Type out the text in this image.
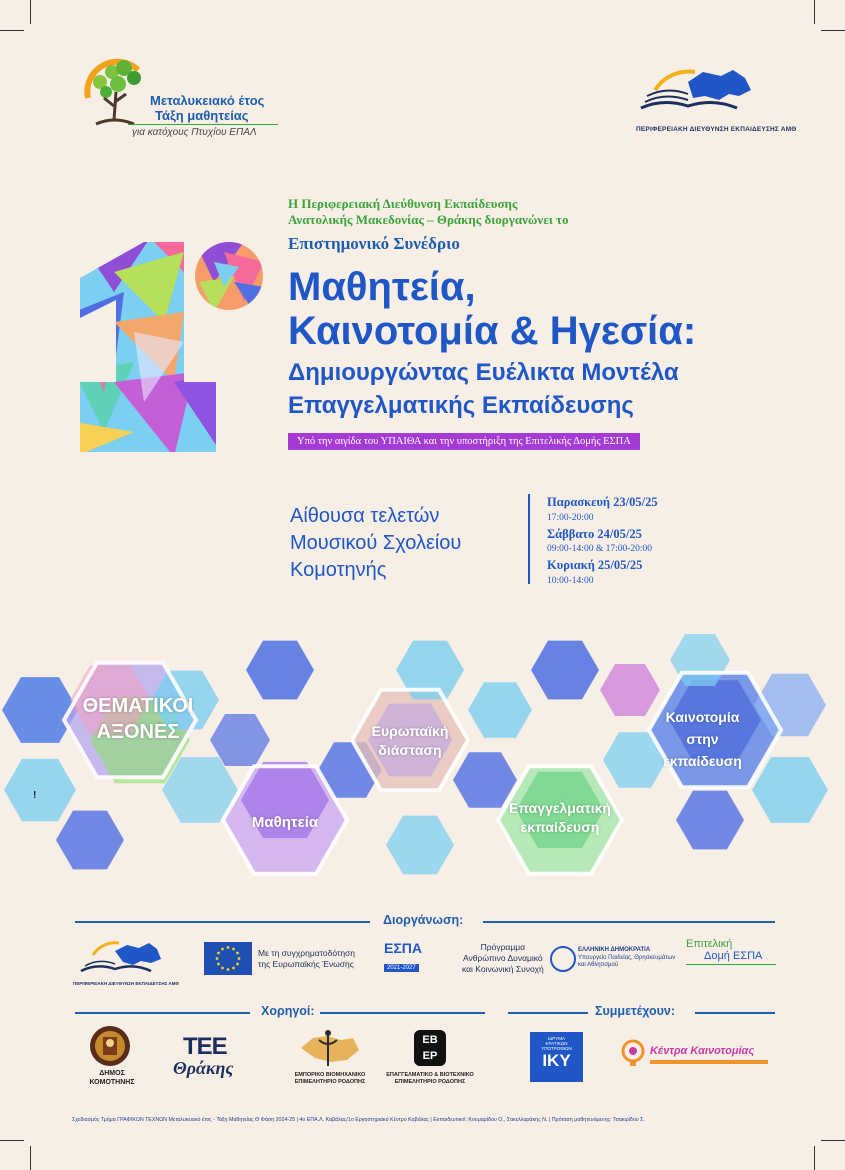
Μεταλυκειακό έτος
Τάξη μαθητείας
για κατόχους Πτυχίου ΕΠΑΛ	ΠΕΡΙΦΕΡΕΙΑΚΗ ΔΙΕΥΘΥΝΣΗ ΕΚΠΑΙΔΕΥΣΗΣ ΑΜΘ
Η Περιφερειακή Διεύθυνση Εκπαίδευσης
Ανατολικής Μακεδονίας – Θράκης διοργανώνει το
Επιστημονικό Συνέδριο
Μαθητεία,
Καινοτομία & Ηγεσία:
Δημιουργώντας Ευέλικτα Μοντέλα
Επαγγελματικής Εκπαίδευσης
Υπό την αιγίδα του ΥΠΑΙΘΑ και την υποστήριξη της Επιτελικής Δομής ΕΣΠΑ
Αίθουσα τελετών
Μουσικού Σχολείου
Κομοτηνής
Παρασκευή 23/05/25
17:00-20:00
Σάββατο 24/05/25
09:00-14:00 & 17:00-20:00
Κυριακή 25/05/25
10:00-14:00
ΘΕΜΑΤΙΚΟΙ
ΑΞΟΝΕΣ
!
Μαθητεία
Ευρωπαϊκή
διάσταση
Επαγγελματική
εκπαίδευση
Καινοτομία
στην
εκπαίδευση
Διοργάνωση:
ΠΕΡΙΦΕΡΕΙΑΚΗ ΔΙΕΥΘΥΝΣΗ ΕΚΠΑΙΔΕΥΣΗΣ ΑΜΘ
Με τη συγχρηματοδότηση
της Ευρωπαϊκής Ένωσης
ΕΣΠΑ
2021-2027
Πρόγραμμα
Ανθρώπινο Δυναμικό
και Κοινωνική Συνοχή
ΕΛΛΗΝΙΚΗ ΔΗΜΟΚΡΑΤΙΑ
Υπουργείο Παιδείας, Θρησκευμάτων
και Αθλητισμού
Επιτελική
Δομή ΕΣΠΑ
Χορηγοί:	Συμμετέχουν:
ΔΗΜΟΣ
ΚΟΜΟΤΗΝΗΣ
ΤΕΕ
Θράκης	ΕΜΠΟΡΙΚΟ ΒΙΟΜΗΧΑΝΙΚΟ
ΕΠΙΜΕΛΗΤΗΡΙΟ ΡΟΔΟΠΗΣ
ΕΒ ΕΡ
ΕΠΑΓΓΕΛΜΑΤΙΚΟ & ΒΙΟΤΕΧΝΙΚΟ
ΕΠΙΜΕΛΗΤΗΡΙΟ ΡΟΔΟΠΗΣ
ΙΔΡΥΜΑ
ΚΡΑΤΙΚΩΝ
ΥΠΟΤΡΟΦΙΩΝ
ΙΚΥ	Κέντρα Καινοτομίας
Σχεδιασμός Τμήμα ΓΡΑΦΙΚΩΝ ΤΕΧΝΩΝ Μεταλυκειακό έτος - Τάξη Μαθητείας Θ Φάση 2024-25 | 4ο ΕΠΑ.Λ. Καβάλας/1ο Εργαστηριακό Κέντρο Καβάλας | Εκπαιδευτικοί: Κουμαρίδου Ο., Σακελλαράκης Ν. | Πρόταση μαθητευόμενης: Τσακιρίδου Σ.
